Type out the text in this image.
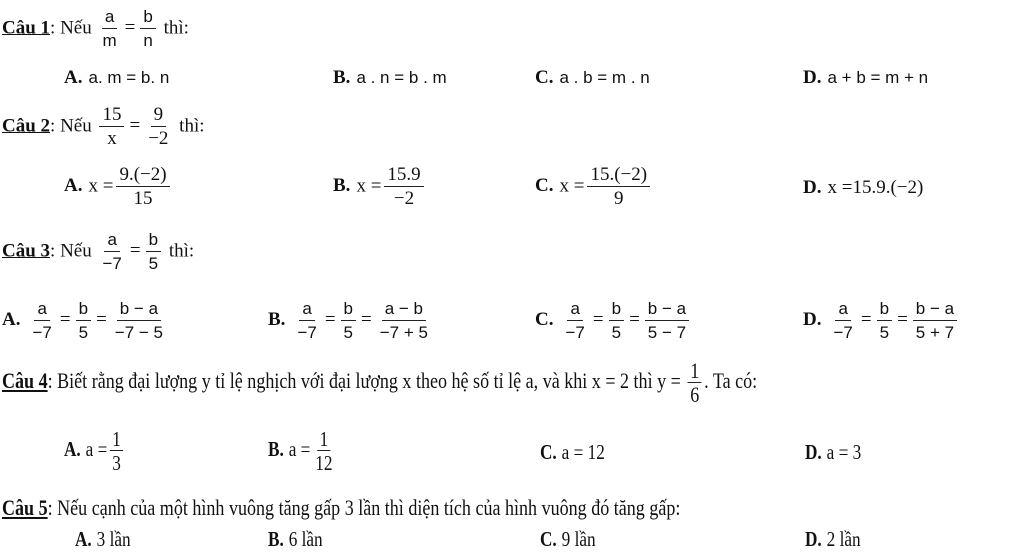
Câu 1: Nếu $\frac{a}{m} = \frac{b}{n}$ thì:
A. a. m = b. n	B. a . n = b . m	C. a . b = m . n	D. a + b = m + n
Câu 2: Nếu $\frac{15}{x} = \frac{9}{-2}$ thì:
A. $x = \frac{9.(-2)}{15}$	B. $x = \frac{15.9}{-2}$	C. $x = \frac{15.(-2)}{9}$	D. x =15.9.(−2)
Câu 3: Nếu $\frac{a}{-7} = \frac{b}{5}$ thì:
A. $\frac{a}{-7} = \frac{b}{5} = \frac{b - a}{-7 - 5}$	B. $\frac{a}{-7} = \frac{b}{5} = \frac{a - b}{-7 + 5}$	C. $\frac{a}{-7} = \frac{b}{5} = \frac{b - a}{5 - 7}$	D. $\frac{a}{-7} = \frac{b}{5} = \frac{b - a}{5 + 7}$
Câu 4: Biết rằng đại lượng y tỉ lệ nghịch với đại lượng x theo hệ số tỉ lệ a, và khi x = 2 thì $y = \frac{1}{6}$ . Ta có:
A. $a = \frac{1}{3}$	B. $a = \frac{1}{12}$	C. a = 12	D. a = 3
Câu 5: Nếu cạnh của một hình vuông tăng gấp 3 lần thì diện tích của hình vuông đó tăng gấp:
A. 3 lần	B. 6 lần	C. 9 lần	D. 2 lần
